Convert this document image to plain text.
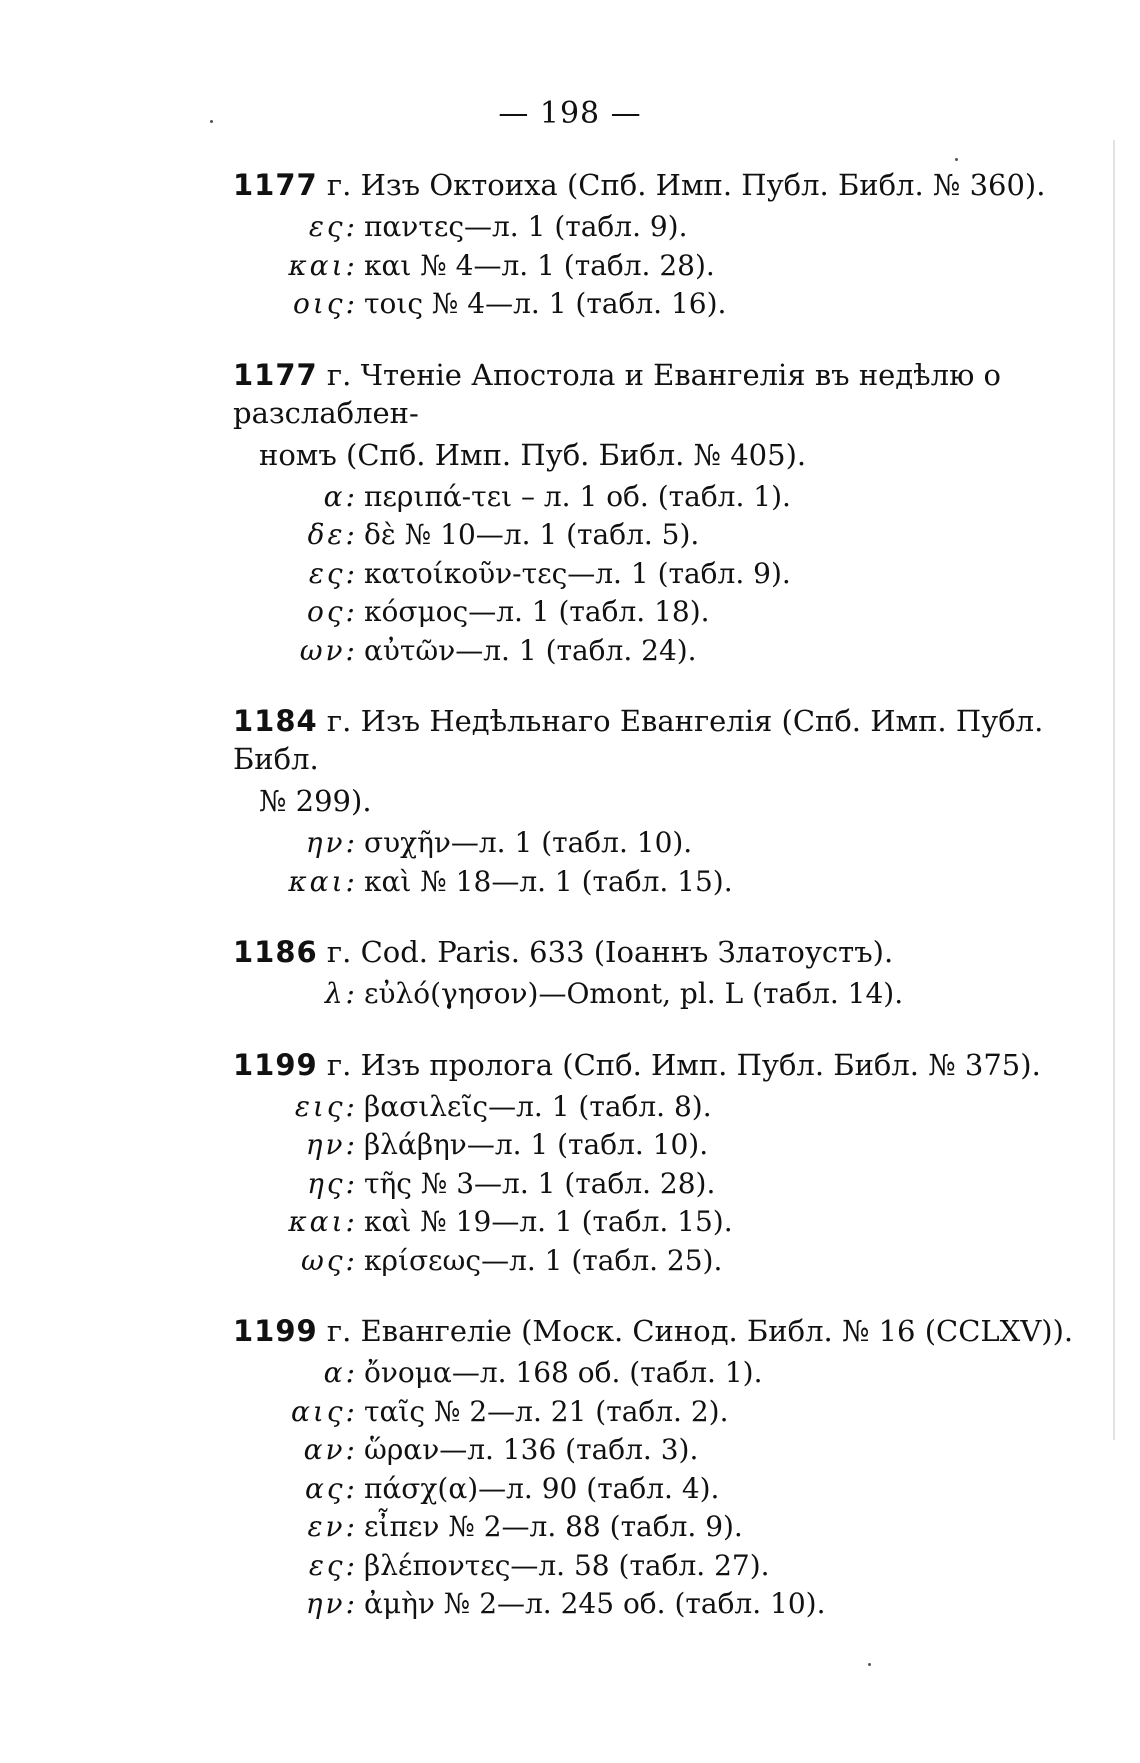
— 198 —
1177 г. Изъ Октоиха (Спб. Имп. Публ. Библ. № 360).
ες: παντες—л. 1 (табл. 9).
και: και № 4—л. 1 (табл. 28).
οις: τοις № 4—л. 1 (табл. 16).
1177 г. Чтеніе Апостола и Евангелія въ недѣлю о разслаблен-
номъ (Спб. Имп. Пуб. Библ. № 405).
α: περιπά-τει – л. 1 об. (табл. 1).
δε: δὲ № 10—л. 1 (табл. 5).
ες: κατοίκοῦν-τες—л. 1 (табл. 9).
ος: κόσμος—л. 1 (табл. 18).
ων: αὐτῶν—л. 1 (табл. 24).
1184 г. Изъ Недѣльнаго Евангелія (Спб. Имп. Публ. Библ.
№ 299).
ην: συχῆν—л. 1 (табл. 10).
και: καὶ № 18—л. 1 (табл. 15).
1186 г. Cod. Paris. 633 (Іоаннъ Златоустъ).
λ: εὐλό(γησον)—Omont, pl. L (табл. 14).
1199 г. Изъ пролога (Спб. Имп. Публ. Библ. № 375).
εις: βασιλεῖς—л. 1 (табл. 8).
ην: βλάβην—л. 1 (табл. 10).
ης: τῆς № 3—л. 1 (табл. 28).
και: καὶ № 19—л. 1 (табл. 15).
ως: κρίσεως—л. 1 (табл. 25).
1199 г. Евангеліе (Моск. Синод. Библ. № 16 (CCLXV)).
α: ὄνομα—л. 168 об. (табл. 1).
αις: ταῖς № 2—л. 21 (табл. 2).
αν: ὥραν—л. 136 (табл. 3).
ας: πάσχ(α)—л. 90 (табл. 4).
εν: εἶπεν № 2—л. 88 (табл. 9).
ες: βλέποντες—л. 58 (табл. 27).
ην: ἀμὴν № 2—л. 245 об. (табл. 10).
